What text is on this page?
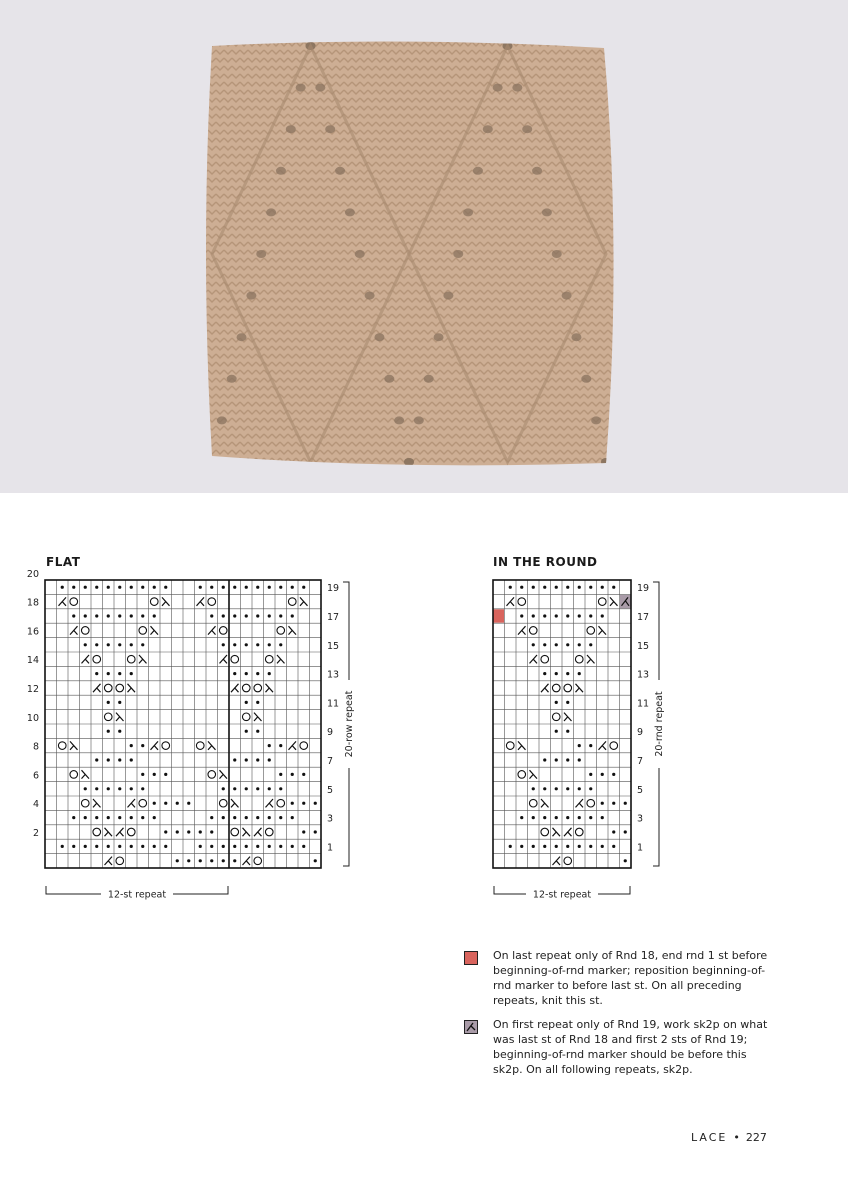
FLAT
19
17
15
13
11
9
7
5
3
1
20
18
16
14
12
10
8
6
4
2
20-row repeat
12-st repeat
IN THE ROUND
19
17
15
13
11
9
7
5
3
1
20-rnd repeat
12-st repeat
On last repeat only of Rnd 18, end rnd 1 st before beginning-of-rnd marker; reposition beginning-of-rnd marker to before last st. On all preceding repeats, knit this st.
On first repeat only of Rnd 19, work sk2p on what was last st of Rnd 18 and first 2 sts of Rnd 19; beginning-of-rnd marker should be before this sk2p. On all following repeats, sk2p.
LACE • 227
